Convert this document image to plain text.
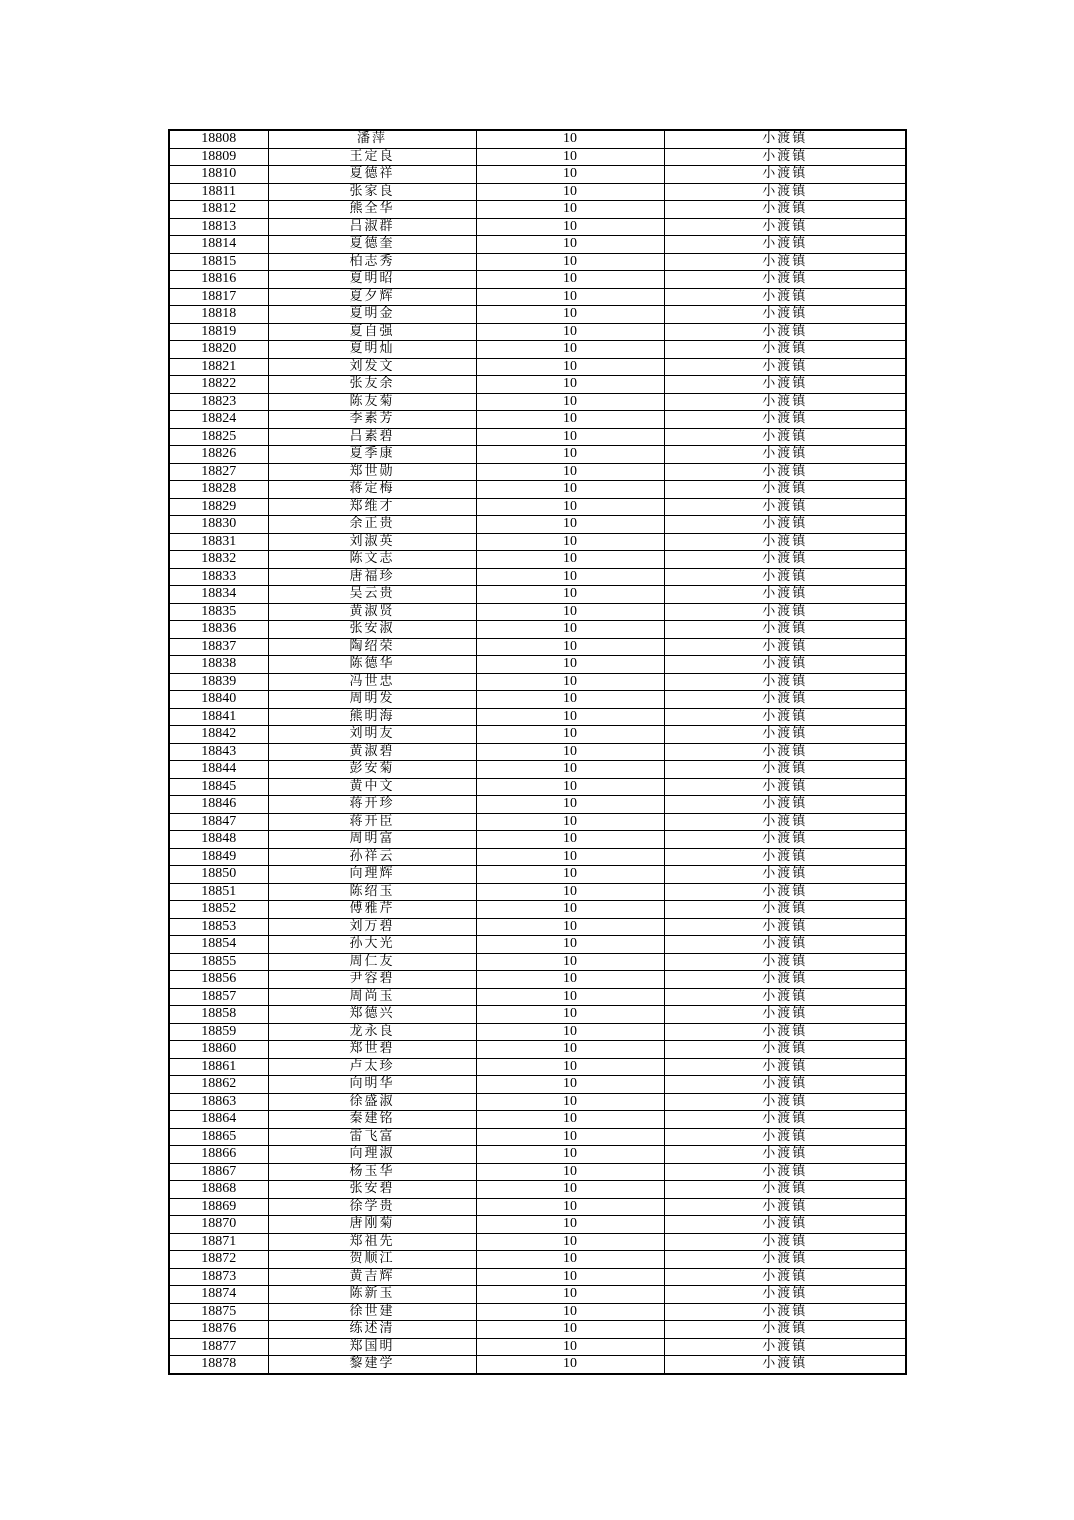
18808	潘萍	10	小渡镇
18809	王定良	10	小渡镇
18810	夏德祥	10	小渡镇
18811	张家良	10	小渡镇
18812	熊全华	10	小渡镇
18813	吕淑群	10	小渡镇
18814	夏德奎	10	小渡镇
18815	柏志秀	10	小渡镇
18816	夏明昭	10	小渡镇
18817	夏夕辉	10	小渡镇
18818	夏明金	10	小渡镇
18819	夏自强	10	小渡镇
18820	夏明灿	10	小渡镇
18821	刘发文	10	小渡镇
18822	张友余	10	小渡镇
18823	陈友菊	10	小渡镇
18824	李素芳	10	小渡镇
18825	吕素碧	10	小渡镇
18826	夏季康	10	小渡镇
18827	郑世勋	10	小渡镇
18828	蒋定梅	10	小渡镇
18829	郑维才	10	小渡镇
18830	余正贵	10	小渡镇
18831	刘淑英	10	小渡镇
18832	陈文志	10	小渡镇
18833	唐福珍	10	小渡镇
18834	吴云贵	10	小渡镇
18835	黄淑贤	10	小渡镇
18836	张安淑	10	小渡镇
18837	陶绍荣	10	小渡镇
18838	陈德华	10	小渡镇
18839	冯世忠	10	小渡镇
18840	周明发	10	小渡镇
18841	熊明海	10	小渡镇
18842	刘明友	10	小渡镇
18843	黄淑碧	10	小渡镇
18844	彭安菊	10	小渡镇
18845	黄中文	10	小渡镇
18846	蒋开珍	10	小渡镇
18847	蒋开臣	10	小渡镇
18848	周明富	10	小渡镇
18849	孙祥云	10	小渡镇
18850	向理辉	10	小渡镇
18851	陈绍玉	10	小渡镇
18852	傅雅芹	10	小渡镇
18853	刘万碧	10	小渡镇
18854	孙大光	10	小渡镇
18855	周仁友	10	小渡镇
18856	尹容碧	10	小渡镇
18857	周尚玉	10	小渡镇
18858	郑德兴	10	小渡镇
18859	龙永良	10	小渡镇
18860	郑世碧	10	小渡镇
18861	卢太珍	10	小渡镇
18862	向明华	10	小渡镇
18863	徐盛淑	10	小渡镇
18864	秦建铭	10	小渡镇
18865	雷飞富	10	小渡镇
18866	向理淑	10	小渡镇
18867	杨玉华	10	小渡镇
18868	张安碧	10	小渡镇
18869	徐学贵	10	小渡镇
18870	唐刚菊	10	小渡镇
18871	郑祖先	10	小渡镇
18872	贺顺江	10	小渡镇
18873	黄吉辉	10	小渡镇
18874	陈新玉	10	小渡镇
18875	徐世建	10	小渡镇
18876	练述清	10	小渡镇
18877	郑国明	10	小渡镇
18878	黎建学	10	小渡镇
